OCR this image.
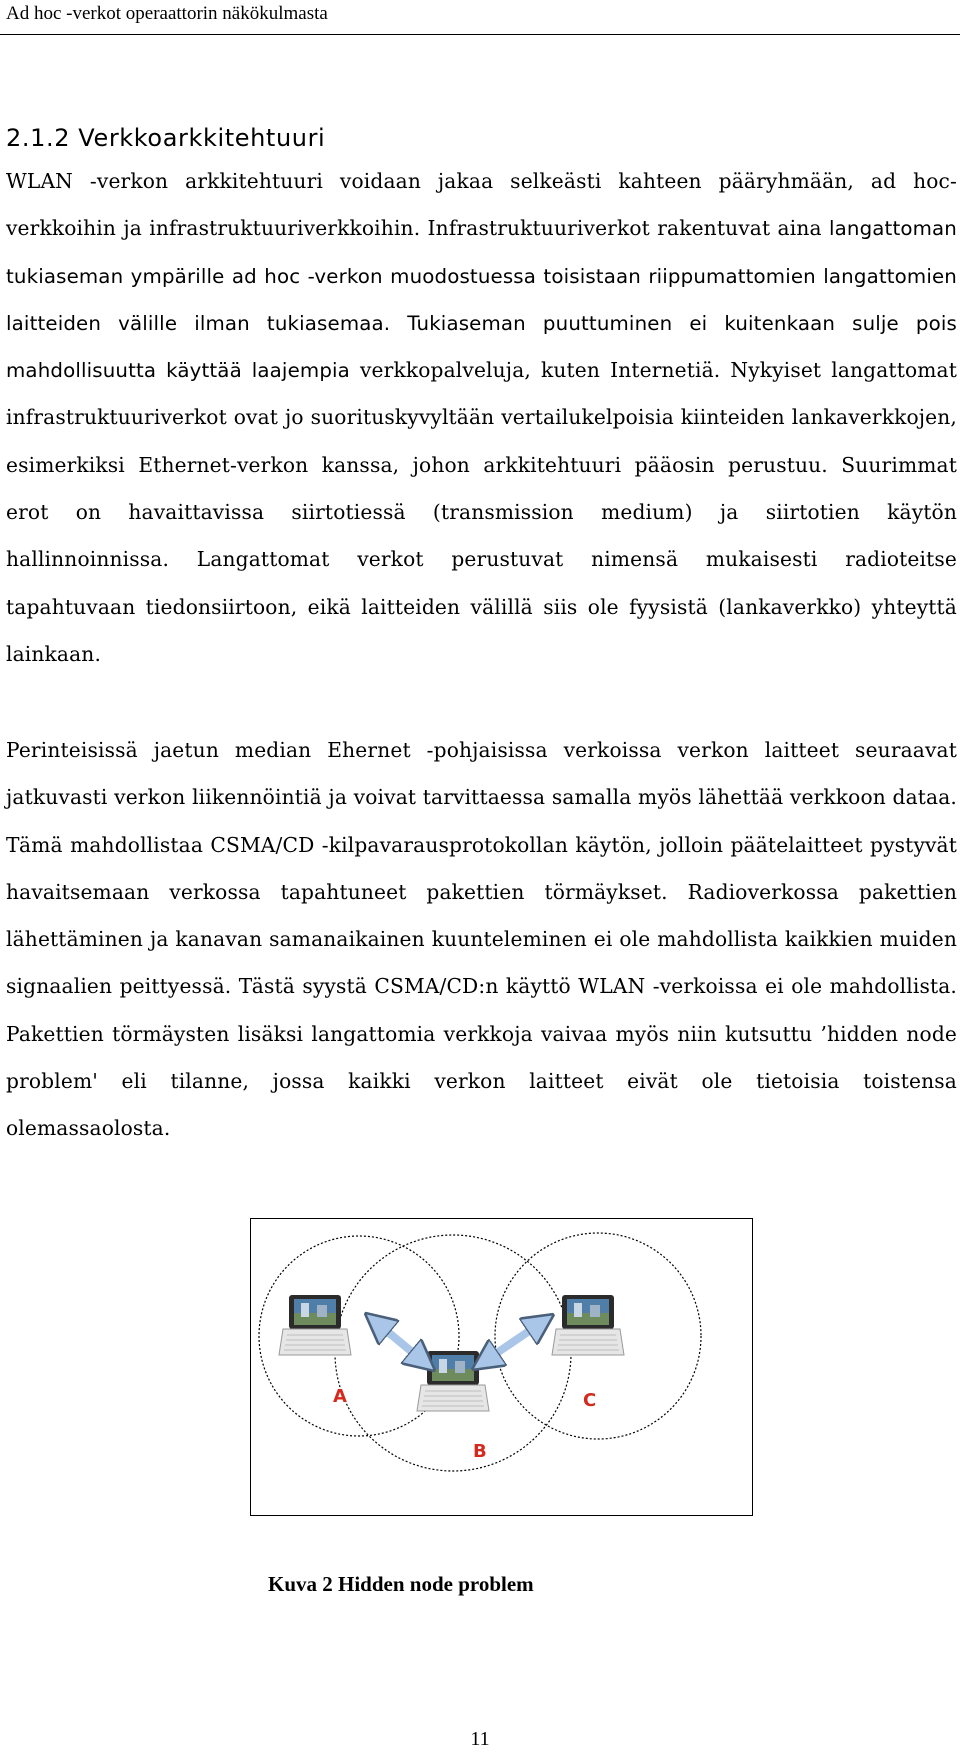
Ad hoc -verkot operaattorin näkökulmasta
2.1.2 Verkkoarkkitehtuuri

WLAN -verkon arkkitehtuuri voidaan jakaa selkeästi kahteen pääryhmään, ad hoc-verkkoihin ja infrastruktuuriverkkoihin. Infrastruktuuriverkot rakentuvat aina langattoman tukiaseman ympärille ad hoc -verkon muodostuessa toisistaan riippumattomien langattomien laitteiden välille ilman tukiasemaa. Tukiaseman puuttuminen ei kuitenkaan sulje pois mahdollisuutta käyttää laajempia verkkopalveluja, kuten Internetiä. Nykyiset langattomat infrastruktuuriverkot ovat jo suorituskyvyltään vertailukelpoisia kiinteiden lankaverkkojen, esimerkiksi Ethernet-verkon kanssa, johon arkkitehtuuri pääosin perustuu. Suurimmat erot on havaittavissa siirtotiessä (transmission medium) ja siirtotien käytön hallinnoinnissa. Langattomat verkot perustuvat nimensä mukaisesti radioteitse tapahtuvaan tiedonsiirtoon, eikä laitteiden välillä siis ole fyysistä (lankaverkko) yhteyttä lainkaan.

Perinteisissä jaetun median Ehernet -pohjaisissa verkoissa verkon laitteet seuraavat jatkuvasti verkon liikennöintiä ja voivat tarvittaessa samalla myös lähettää verkkoon dataa. Tämä mahdollistaa CSMA/CD -kilpavarausprotokollan käytön, jolloin päätelaitteet pystyvät havaitsemaan verkossa tapahtuneet pakettien törmäykset. Radioverkossa pakettien lähettäminen ja kanavan samanaikainen kuunteleminen ei ole mahdollista kaikkien muiden signaalien peittyessä. Tästä syystä CSMA/CD:n käyttö WLAN -verkoissa ei ole mahdollista. Pakettien törmäysten lisäksi langattomia verkkoja vaivaa myös niin kutsuttu ’hidden node problem' eli tilanne, jossa kaikki verkon laitteet eivät ole tietoisia toistensa olemassaolosta.

A
B
C
Kuva 2 Hidden node problem
11
